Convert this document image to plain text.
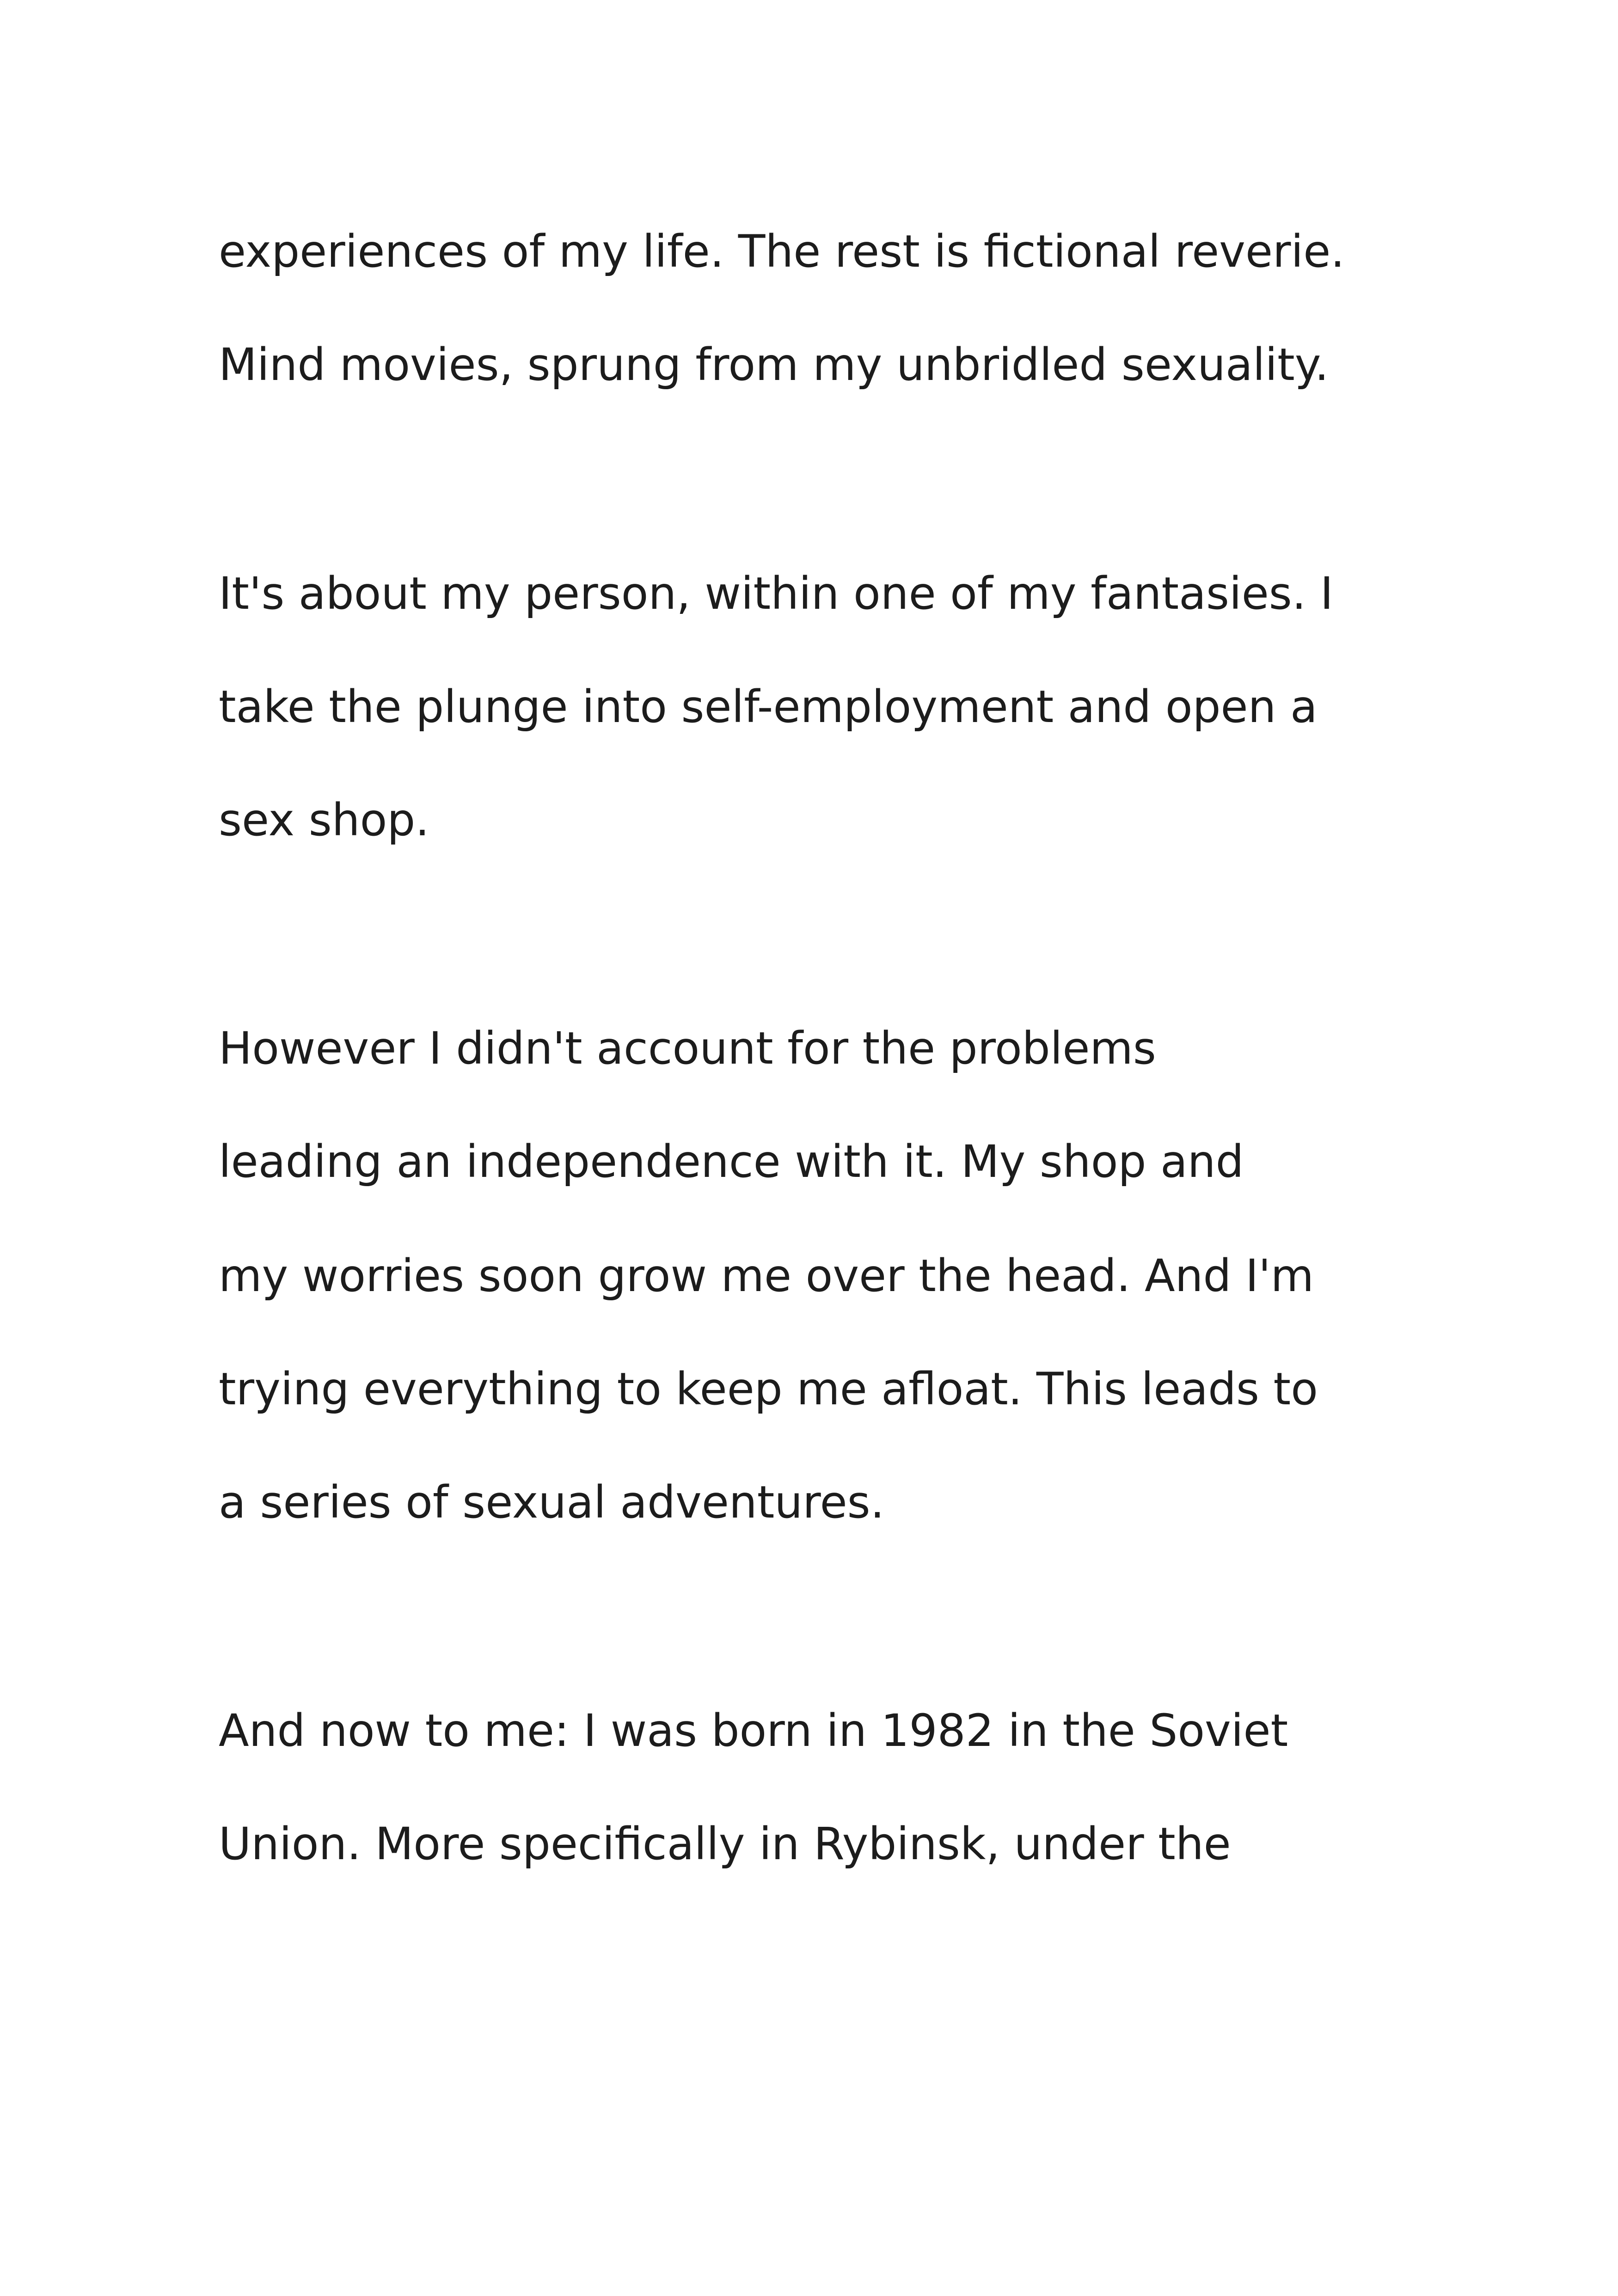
experiences of my life. The rest is fictional reverie.

Mind movies, sprung from my unbridled sexuality.

It's about my person, within one of my fantasies. I

take the plunge into self-employment and open a

sex shop.

However I didn't account for the problems

leading an independence with it. My shop and

my worries soon grow me over the head. And I'm

trying everything to keep me afloat. This leads to

a series of sexual adventures.

And now to me: I was born in 1982 in the Soviet

Union. More specifically in Rybinsk, under the
